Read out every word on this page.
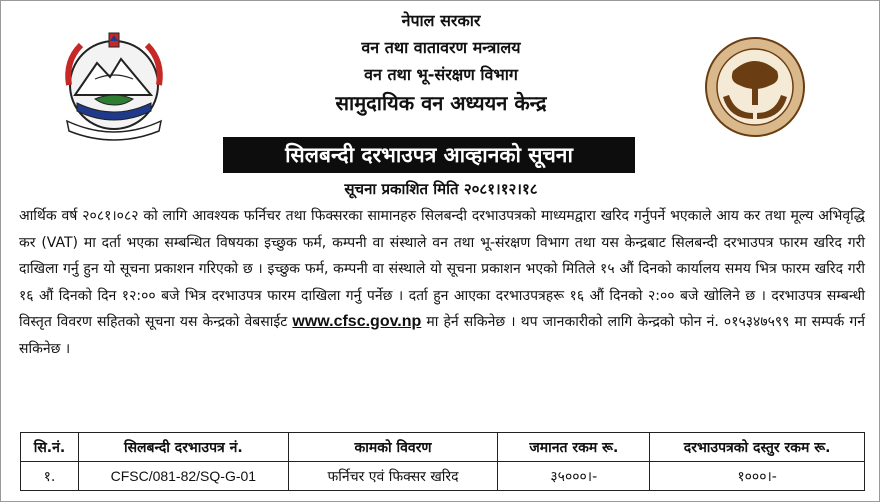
नेपाल सरकार
वन तथा वातावरण मन्त्रालय
वन तथा भू-संरक्षण विभाग
सामुदायिक वन अध्ययन केन्द्र
सिलबन्दी दरभाउपत्र आव्हानको सूचना
सूचना प्रकाशित मिति २०८१।१२।१८

आर्थिक वर्ष २०८१।०८२ को लागि आवश्यक फर्निचर तथा फिक्सरका सामानहरु सिलबन्दी दरभाउपत्रको माध्यमद्वारा खरिद गर्नुपर्ने भएकाले आय कर तथा मूल्य अभिवृद्धि कर (VAT) मा दर्ता भएका सम्बन्धित विषयका इच्छुक फर्म, कम्पनी वा संस्थाले वन तथा भू-संरक्षण विभाग तथा यस केन्द्रबाट सिलबन्दी दरभाउपत्र फारम खरिद गरी दाखिला गर्नु हुन यो सूचना प्रकाशन गरिएको छ । इच्छुक फर्म, कम्पनी वा संस्थाले यो सूचना प्रकाशन भएको मितिले १५ औं दिनको कार्यालय समय भित्र फारम खरिद गरी १६ औं दिनको दिन १२:०० बजे भित्र दरभाउपत्र फारम दाखिला गर्नु पर्नेछ । दर्ता हुन आएका दरभाउपत्रहरू १६ औं दिनको २:०० बजे खोलिने छ । दरभाउपत्र सम्बन्धी विस्तृत विवरण सहितको सूचना यस केन्द्रको वेबसाईट www.cfsc.gov.np मा हेर्न सकिनेछ । थप जानकारीको लागि केन्द्रको फोन नं. ०१५३४७५९९ मा सम्पर्क गर्न सकिनेछ ।

सि.नं.	सिलबन्दी दरभाउपत्र नं.	कामको विवरण	जमानत रकम रू.	दरभाउपत्रको दस्तुर रकम रू.
१.	CFSC/081-82/SQ-G-01	फर्निचर एवं फिक्सर खरिद	३५०००।-	१०००।-
